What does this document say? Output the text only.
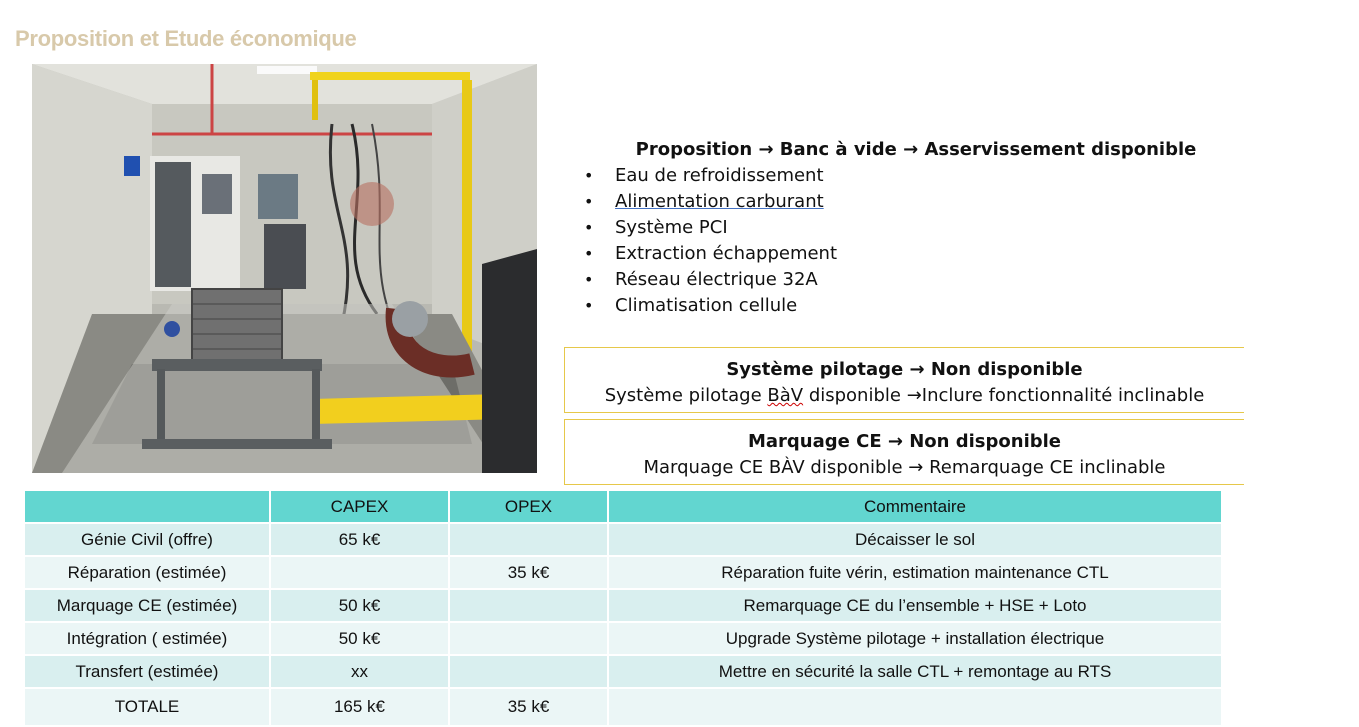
Proposition et Etude économique
Proposition → Banc à vide → Asservissement disponible
• Eau de refroidissement
• Alimentation carburant
• Système PCI
• Extraction échappement
• Réseau électrique 32A
• Climatisation cellule
Système pilotage → Non disponible
Système pilotage BàV disponible →Inclure fonctionnalité inclinable
Marquage CE → Non disponible
Marquage CE BÀV disponible → Remarquage CE inclinable
	CAPEX	OPEX	Commentaire
Génie Civil (offre)	65 k€		Décaisser le sol
Réparation (estimée)		35 k€	Réparation fuite vérin, estimation maintenance CTL
Marquage CE (estimée)	50 k€		Remarquage CE du l’ensemble + HSE + Loto
Intégration ( estimée)	50 k€		Upgrade Système pilotage + installation électrique
Transfert (estimée)	xx		Mettre en sécurité la salle CTL + remontage au RTS
TOTALE	165 k€	35 k€	
